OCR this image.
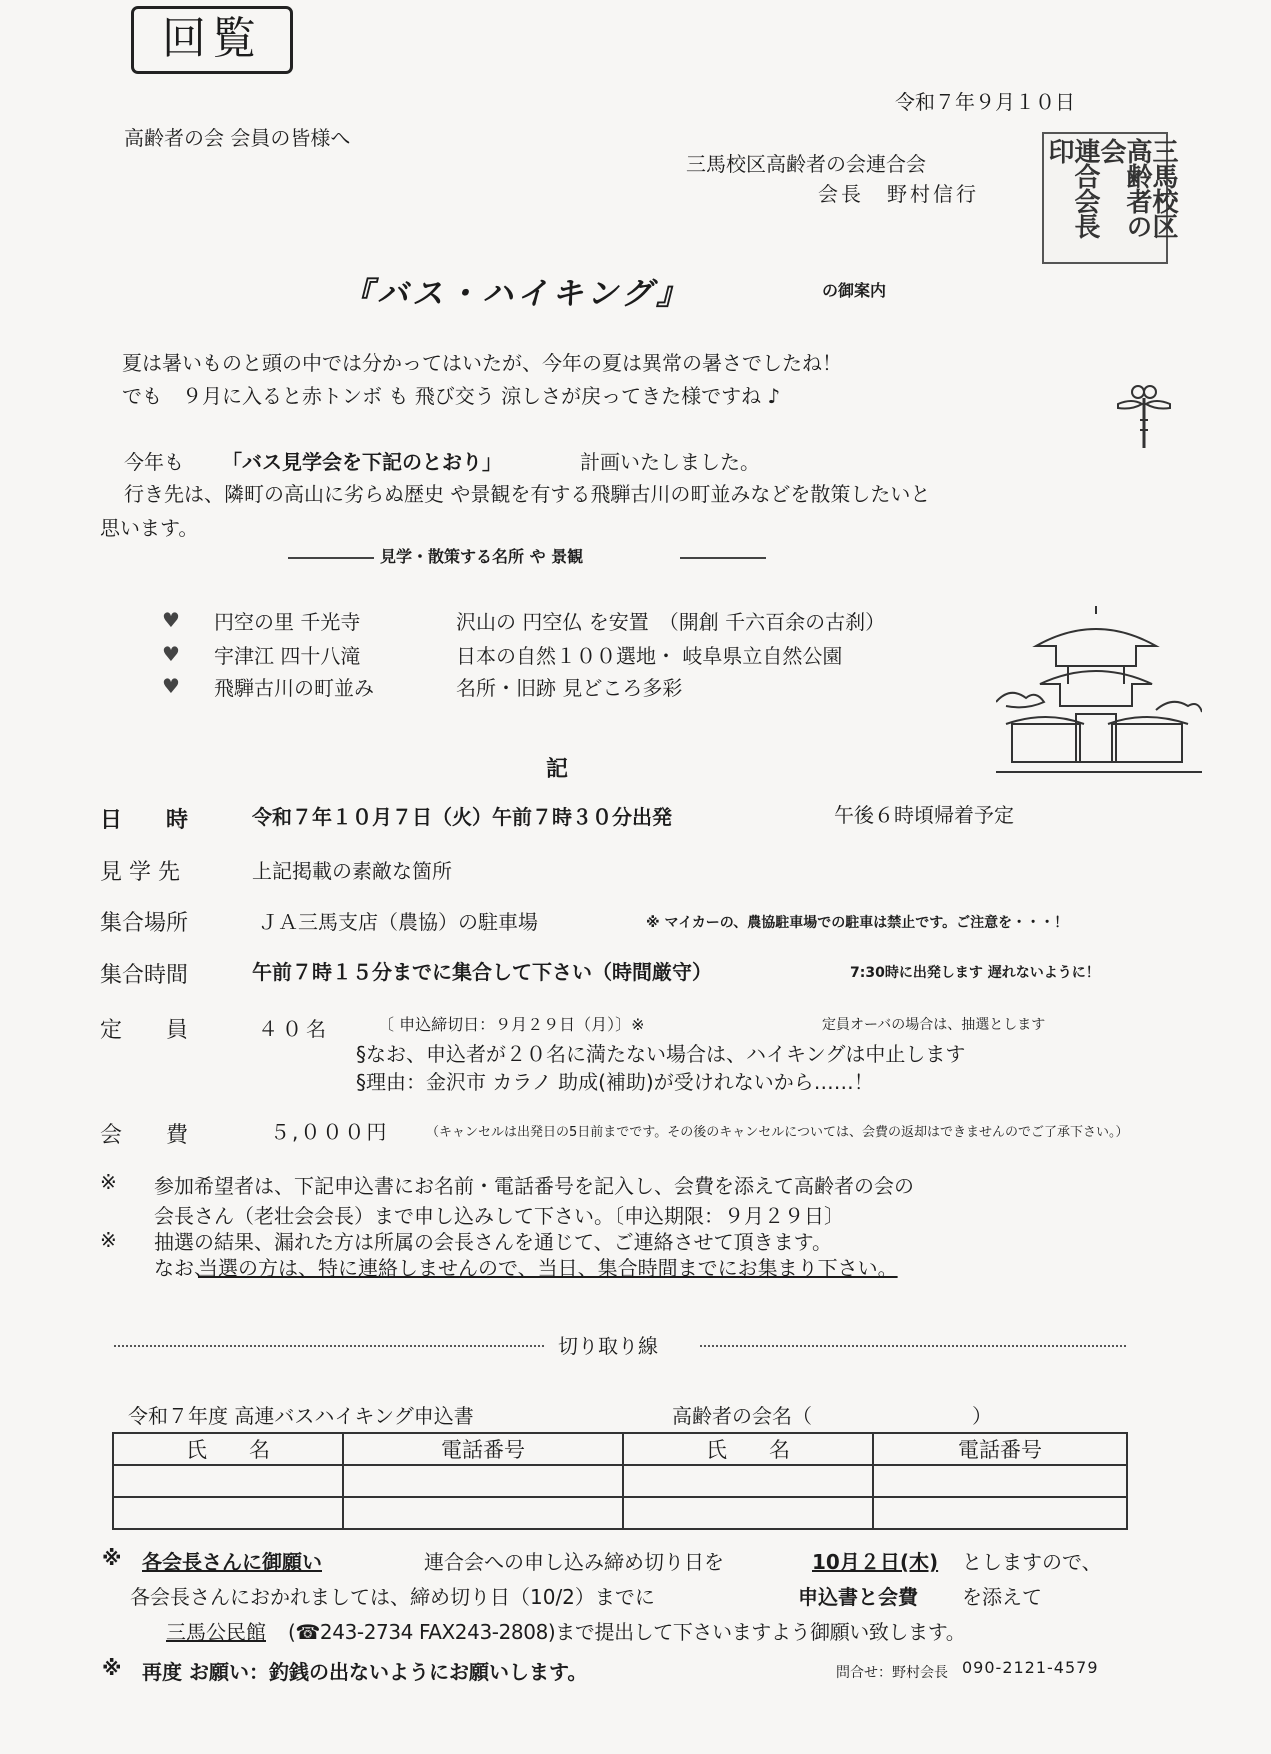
回覧
令和７年９月１０日
高齢者の会 会員の皆様へ
三馬校区高齢者の会連合会
会長　野村信行	三馬校区
高齢者の会
連合会長印
『バス・ハイキング』	の御案内
夏は暑いものと頭の中では分かってはいたが、今年の夏は異常の暑さでしたね！
でも　９月に入ると赤トンボ も 飛び交う 涼しさが戻ってきた様ですね ♪
今年も 「バス見学会を下記のとおり」	計画いたしました。
行き先は、隣町の高山に劣らぬ歴史 や景観を有する飛騨古川の町並みなどを散策したいと
思います。
見学・散策する名所 や 景観
♥ 円空の里 千光寺	沢山の 円空仏 を安置　（開創 千六百余の古刹）
♥ 宇津江 四十八滝	日本の自然１００選地・ 岐阜県立自然公園
♥ 飛騨古川の町並み	名所・旧跡 見どころ多彩
記
日　　時	令和７年１０月７日（火）午前７時３０分出発	午後６時頃帰着予定
見 学 先	上記掲載の素敵な箇所
集合場所	ＪＡ三馬支店（農協）の駐車場	※ マイカーの、農協駐車場での駐車は禁止です。ご注意を・・・！
集合時間	午前７時１５分までに集合して下さい（時間厳守）	7:30時に出発します 遅れないように！
定　　員	４０名	〔 申込締切日：９月２９日（月）〕※	定員オーバの場合は、抽選とします
§なお、申込者が２０名に満たない場合は、ハイキングは中止します
§理由：金沢市 カラノ 助成(補助)が受けれないから……！
会　　費	５,０００円	（キャンセルは出発日の5日前までです。その後のキャンセルについては、会費の返却はできませんのでご了承下さい。）
※ 参加希望者は、下記申込書にお名前・電話番号を記入し、会費を添えて高齢者の会の
会長さん（老壮会会長）まで申し込みして下さい。〔申込期限：９月２９日〕
※ 抽選の結果、漏れた方は所属の会長さんを通じて、ご連絡させて頂きます。
なお、
当選の方は、特に連絡しませんので、当日、集合時間までにお集まり下さい。
切り取り線
令和７年度 高連バスハイキング申込書	高齢者の会名（　　　　　　　　）
氏　　名	電話番号	氏　　名	電話番号

※ 各会長さんに御願い	連合会への申し込み締め切り日を	10月２日(木) としますので、
各会長さんにおかれましては、締め切り日（10/2）までに	申込書と会費 を添えて
三馬公民館 (☎243-2734 FAX243-2808)まで提出して下さいますよう御願い致します。
※ 再度 お願い：釣銭の出ないようにお願いします。	問合せ：野村会長 090-2121-4579
